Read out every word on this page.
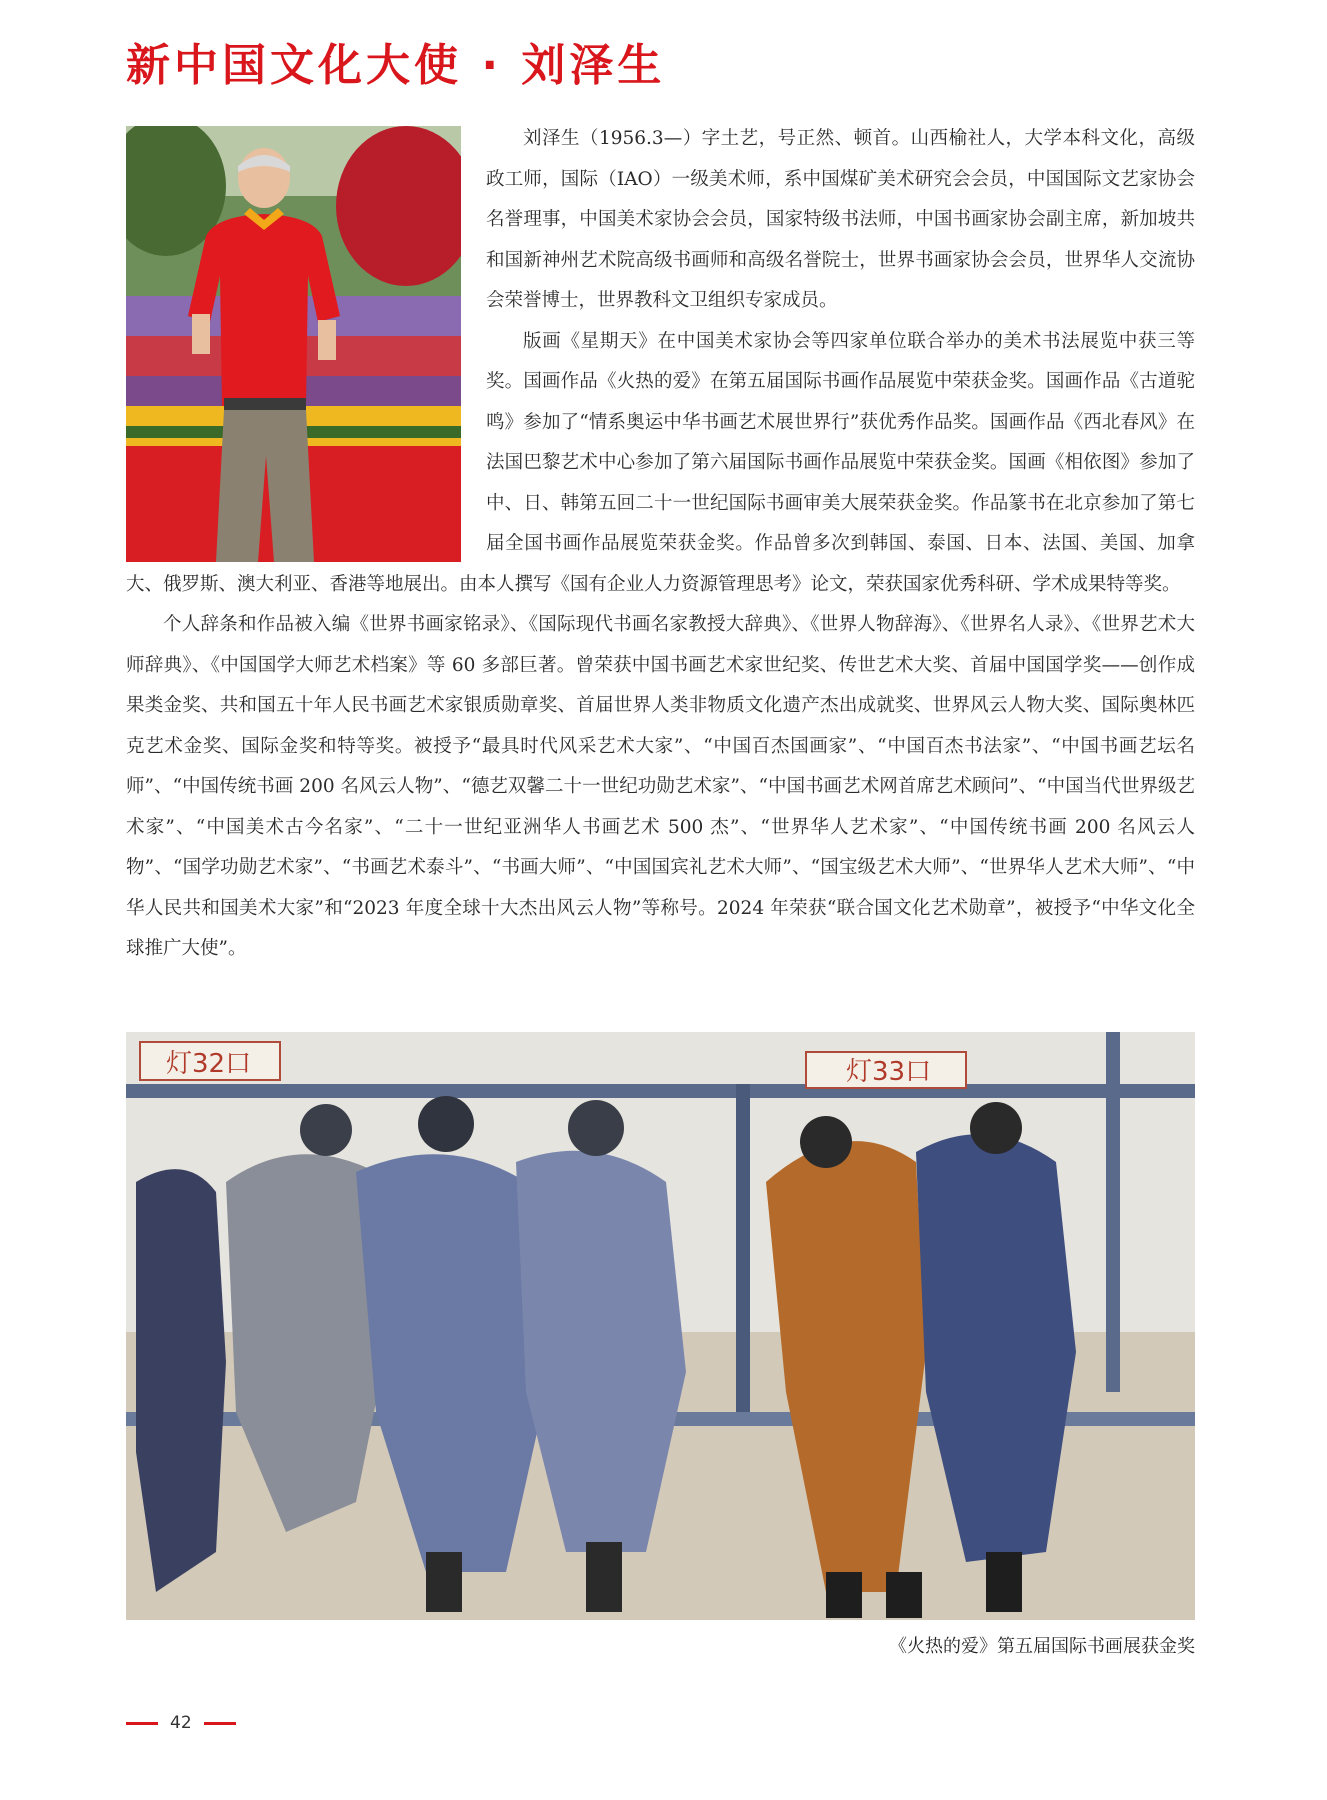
新中国文化大使 · 刘泽生

刘泽生（1956.3—）字土艺，号正然、顿首。山西榆社人，大学本科文化，高级政工师，国际（IAO）一级美术师，系中国煤矿美术研究会会员，中国国际文艺家协会名誉理事，中国美术家协会会员，国家特级书法师，中国书画家协会副主席，新加坡共和国新神州艺术院高级书画师和高级名誉院士，世界书画家协会会员，世界华人交流协会荣誉博士，世界教科文卫组织专家成员。

版画《星期天》在中国美术家协会等四家单位联合举办的美术书法展览中获三等奖。国画作品《火热的爱》在第五届国际书画作品展览中荣获金奖。国画作品《古道驼鸣》参加了“情系奥运中华书画艺术展世界行”获优秀作品奖。国画作品《西北春风》在法国巴黎艺术中心参加了第六届国际书画作品展览中荣获金奖。国画《相依图》参加了中、日、韩第五回二十一世纪国际书画审美大展荣获金奖。作品篆书在北京参加了第七届全国书画作品展览荣获金奖。作品曾多次到韩国、泰国、日本、法国、美国、加拿大、俄罗斯、澳大利亚、香港等地展出。由本人撰写《国有企业人力资源管理思考》论文，荣获国家优秀科研、学术成果特等奖。

个人辞条和作品被入编《世界书画家铭录》、《国际现代书画名家教授大辞典》、《世界人物辞海》、《世界名人录》、《世界艺术大师辞典》、《中国国学大师艺术档案》等 60 多部巨著。曾荣获中国书画艺术家世纪奖、传世艺术大奖、首届中国国学奖——创作成果类金奖、共和国五十年人民书画艺术家银质勋章奖、首届世界人类非物质文化遗产杰出成就奖、世界风云人物大奖、国际奥林匹克艺术金奖、国际金奖和特等奖。被授予“最具时代风采艺术大家”、“中国百杰国画家”、“中国百杰书法家”、“中国书画艺坛名师”、“中国传统书画 200 名风云人物”、“德艺双馨二十一世纪功勋艺术家”、“中国书画艺术网首席艺术顾问”、“中国当代世界级艺术家”、“中国美术古今名家”、“二十一世纪亚洲华人书画艺术 500 杰”、“世界华人艺术家”、“中国传统书画 200 名风云人物”、“国学功勋艺术家”、“书画艺术泰斗”、“书画大师”、“中国国宾礼艺术大师”、“国宝级艺术大师”、“世界华人艺术大师”、“中华人民共和国美术大家”和“2023 年度全球十大杰出风云人物”等称号。2024 年荣获“联合国文化艺术勋章”，被授予“中华文化全球推广大使”。

灯32口	灯33口
《火热的爱》第五届国际书画展获金奖
42
